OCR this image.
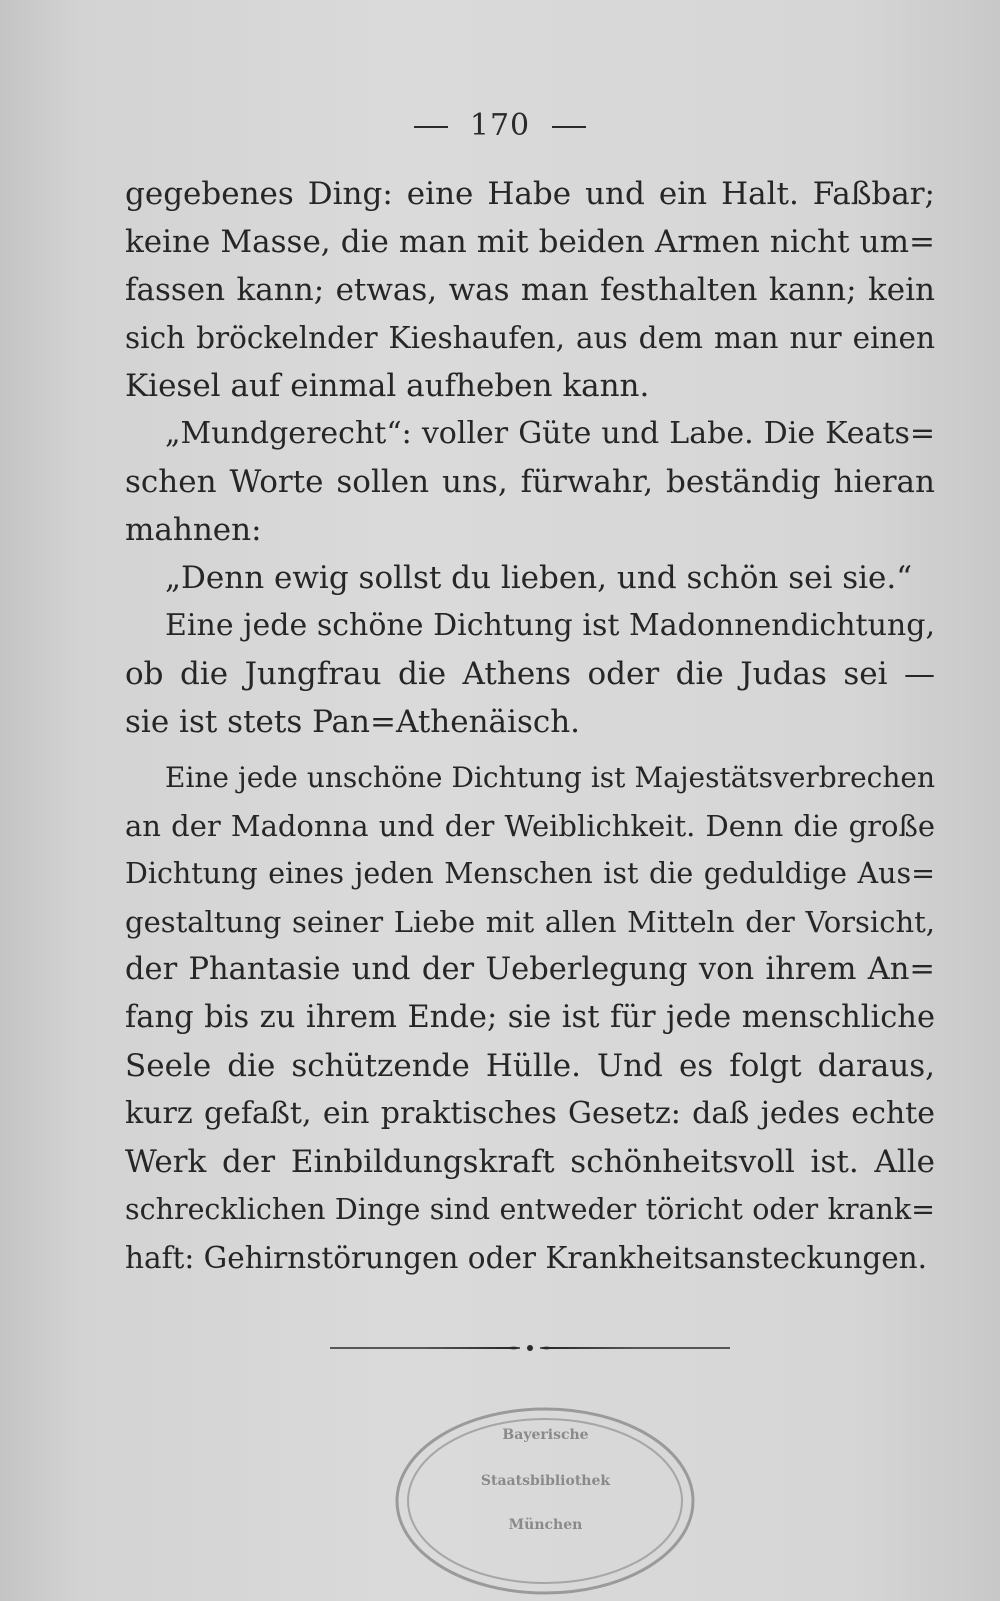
170
gegebenes Ding: eine Habe und ein Halt. Faßbar;
keine Masse, die man mit beiden Armen nicht um=
fassen kann; etwas, was man festhalten kann; kein
sich bröckelnder Kieshaufen, aus dem man nur einen
Kiesel auf einmal aufheben kann.
„Mundgerecht“: voller Güte und Labe. Die Keats=
schen Worte sollen uns, fürwahr, beständig hieran
mahnen:
„Denn ewig sollst du lieben, und schön sei sie.“
Eine jede schöne Dichtung ist Madonnendichtung,
ob die Jungfrau die Athens oder die Judas sei —
sie ist stets Pan=Athenäisch.
Eine jede unschöne Dichtung ist Majestätsverbrechen
an der Madonna und der Weiblichkeit. Denn die große
Dichtung eines jeden Menschen ist die geduldige Aus=
gestaltung seiner Liebe mit allen Mitteln der Vorsicht,
der Phantasie und der Ueberlegung von ihrem An=
fang bis zu ihrem Ende; sie ist für jede menschliche
Seele die schützende Hülle. Und es folgt daraus,
kurz gefaßt, ein praktisches Gesetz: daß jedes echte
Werk der Einbildungskraft schönheitsvoll ist. Alle
schrecklichen Dinge sind entweder töricht oder krank=
haft: Gehirnstörungen oder Krankheitsansteckungen.
Bayerische
Staatsbibliothek
München
